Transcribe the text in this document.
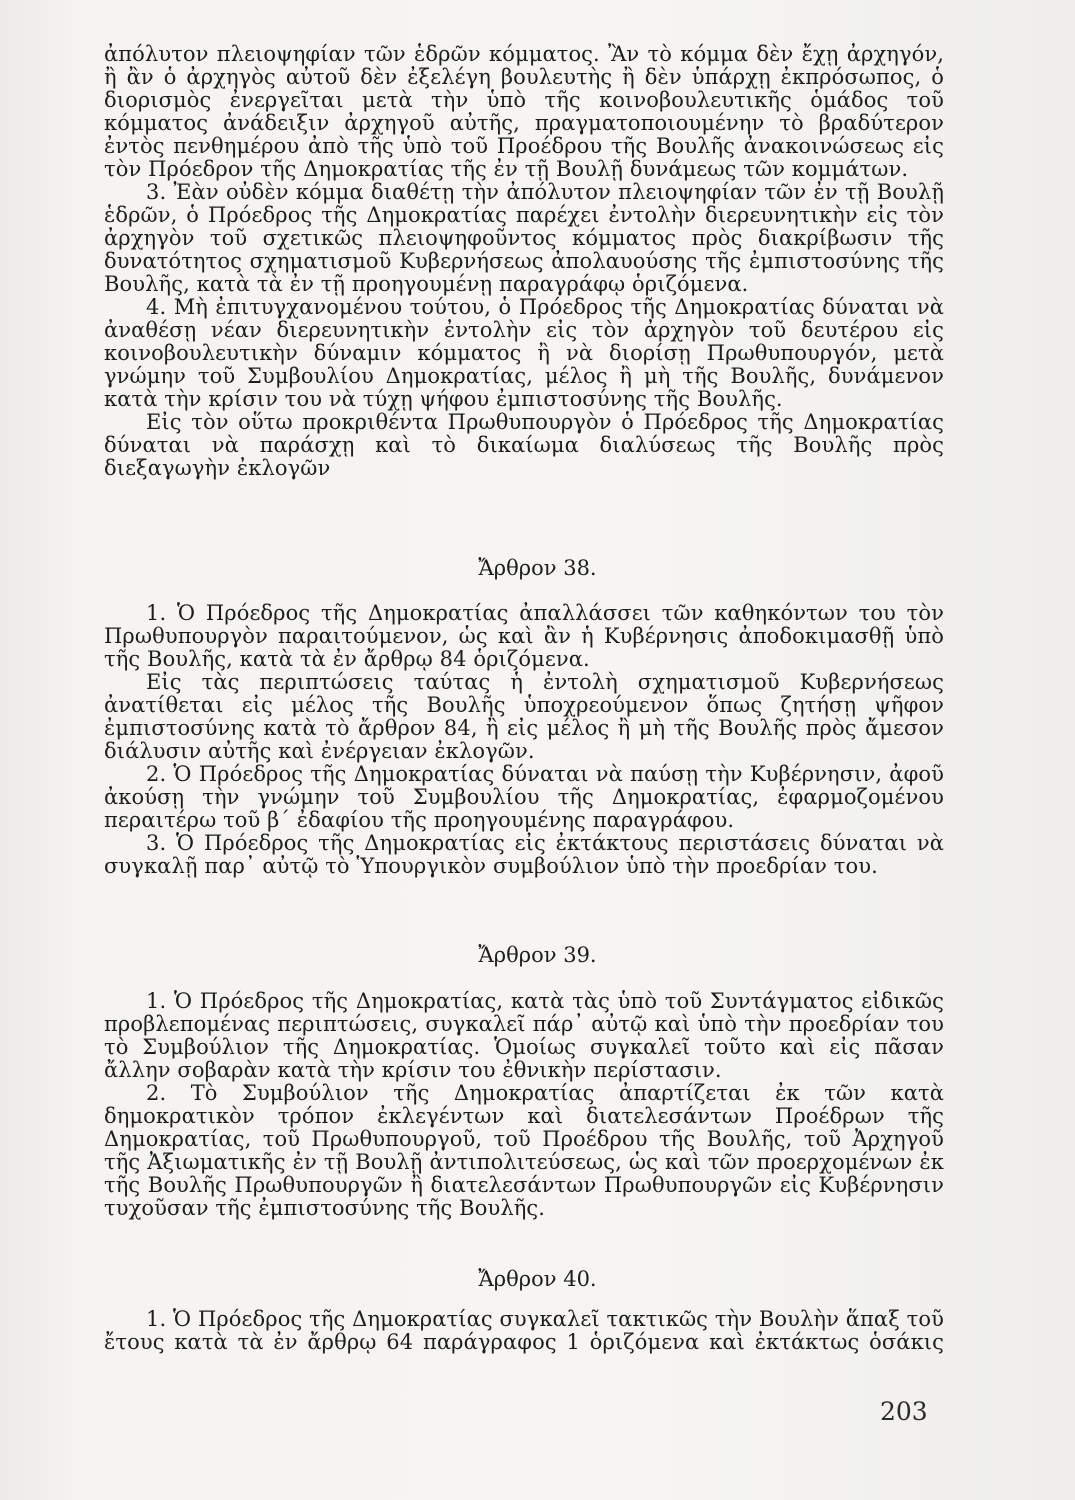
ἀπόλυτον πλειοψηφίαν τῶν ἑδρῶν κόμματος. Ἂν τὸ κόμμα δὲν ἔχῃ ἀρχηγόν, ἢ ἂν ὁ ἀρχηγὸς αὐτοῦ δὲν ἐξελέγη βουλευτὴς ἢ δὲν ὑπάρχῃ ἐκπρόσωπος, ὁ διορισμὸς ἐνεργεῖται μετὰ τὴν ὑπὸ τῆς κοινοβουλευτικῆς ὁμάδος τοῦ κόμματος ἀνάδειξιν ἀρχηγοῦ αὐτῆς, πραγματοποιουμένην τὸ βραδύτερον ἐντὸς πενθημέρου ἀπὸ τῆς ὑπὸ τοῦ Προέδρου τῆς Βουλῆς ἀνακοινώσεως εἰς τὸν Πρόεδρον τῆς Δημοκρατίας τῆς ἐν τῇ Βουλῇ δυνάμεως τῶν κομμάτων.

3. Ἐὰν οὐδὲν κόμμα διαθέτῃ τὴν ἀπόλυτον πλειοψηφίαν τῶν ἐν τῇ Βουλῇ ἑδρῶν, ὁ Πρόεδρος τῆς Δημοκρατίας παρέχει ἐντολὴν διερευνητικὴν εἰς τὸν ἀρχηγὸν τοῦ σχετικῶς πλειοψηφοῦντος κόμματος πρὸς διακρίβωσιν τῆς δυνατότητος σχηματισμοῦ Κυβερνήσεως ἀπολαυούσης τῆς ἐμπιστοσύνης τῆς Βουλῆς, κατὰ τὰ ἐν τῇ προηγουμένῃ παραγράφῳ ὁριζόμενα.

4. Μὴ ἐπιτυγχανομένου τούτου, ὁ Πρόεδρος τῆς Δημοκρατίας δύναται νὰ ἀναθέσῃ νέαν διερευνητικὴν ἐντολὴν εἰς τὸν ἀρχηγὸν τοῦ δευτέρου εἰς κοινοβουλευτικὴν δύναμιν κόμματος ἢ νὰ διορίσῃ Πρωθυπουργόν, μετὰ γνώμην τοῦ Συμβουλίου Δημοκρατίας, μέλος ἢ μὴ τῆς Βουλῆς, δυνάμενον κατὰ τὴν κρίσιν του νὰ τύχῃ ψήφου ἐμπιστοσύνης τῆς Βουλῆς.

Εἰς τὸν οὕτω προκριθέντα Πρωθυπουργὸν ὁ Πρόεδρος τῆς Δημοκρατίας δύναται νὰ παράσχῃ καὶ τὸ δικαίωμα διαλύσεως τῆς Βουλῆς πρὸς διεξαγωγὴν ἐκλογῶν

Ἄρθρον 38.

1. Ὁ Πρόεδρος τῆς Δημοκρατίας ἀπαλλάσσει τῶν καθηκόντων του τὸν Πρωθυπουργὸν παραιτούμενον, ὡς καὶ ἂν ἡ Κυβέρνησις ἀποδοκιμασθῇ ὑπὸ τῆς Βουλῆς, κατὰ τὰ ἐν ἄρθρῳ 84 ὁριζόμενα.

Εἰς τὰς περιπτώσεις ταύτας ἡ ἐντολὴ σχηματισμοῦ Κυβερνήσεως ἀνατίθεται εἰς μέλος τῆς Βουλῆς ὑποχρεούμενον ὅπως ζητήσῃ ψῆφον ἐμπιστοσύνης κατὰ τὸ ἄρθρον 84, ἢ εἰς μέλος ἢ μὴ τῆς Βουλῆς πρὸς ἄμεσον διάλυσιν αὐτῆς καὶ ἐνέργειαν ἐκλογῶν.

2. Ὁ Πρόεδρος τῆς Δημοκρατίας δύναται νὰ παύσῃ τὴν Κυβέρνησιν, ἀφοῦ ἀκούσῃ τὴν γνώμην τοῦ Συμβουλίου τῆς Δημοκρατίας, ἐφαρμοζομένου περαιτέρω τοῦ β΄ ἐδαφίου τῆς προηγουμένης παραγράφου.

3. Ὁ Πρόεδρος τῆς Δημοκρατίας εἰς ἐκτάκτους περιστάσεις δύναται νὰ συγκαλῇ παρ᾽ αὐτῷ τὸ Ὑπουργικὸν συμβούλιον ὑπὸ τὴν προεδρίαν του.

Ἄρθρον 39.

1. Ὁ Πρόεδρος τῆς Δημοκρατίας, κατὰ τὰς ὑπὸ τοῦ Συντάγματος εἰδικῶς προβλεπομένας περιπτώσεις, συγκαλεῖ πάρ᾽ αὐτῷ καὶ ὑπὸ τὴν προεδρίαν του τὸ Συμβούλιον τῆς Δημοκρατίας. Ὁμοίως συγκαλεῖ τοῦτο καὶ εἰς πᾶσαν ἄλλην σοβαρὰν κατὰ τὴν κρίσιν του ἐθνικὴν περίστασιν.

2. Τὸ Συμβούλιον τῆς Δημοκρατίας ἀπαρτίζεται ἐκ τῶν κατὰ δημοκρατικὸν τρόπον ἐκλεγέντων καὶ διατελεσάντων Προέδρων τῆς Δημοκρατίας, τοῦ Πρωθυπουργοῦ, τοῦ Προέδρου τῆς Βουλῆς, τοῦ Ἀρχηγοῦ τῆς Ἀξιωματικῆς ἐν τῇ Βουλῇ ἀντιπολιτεύσεως, ὡς καὶ τῶν προερχομένων ἐκ τῆς Βουλῆς Πρωθυπουργῶν ἢ διατελεσάντων Πρωθυπουργῶν εἰς Κυβέρνησιν τυχοῦσαν τῆς ἐμπιστοσύνης τῆς Βουλῆς.

Ἄρθρον 40.

1. Ὁ Πρόεδρος τῆς Δημοκρατίας συγκαλεῖ τακτικῶς τὴν Βουλὴν ἅπαξ τοῦ ἔτους κατὰ τὰ ἐν ἄρθρῳ 64 παράγραφος 1 ὁριζόμενα καὶ ἐκτάκτως ὁσάκις

203
